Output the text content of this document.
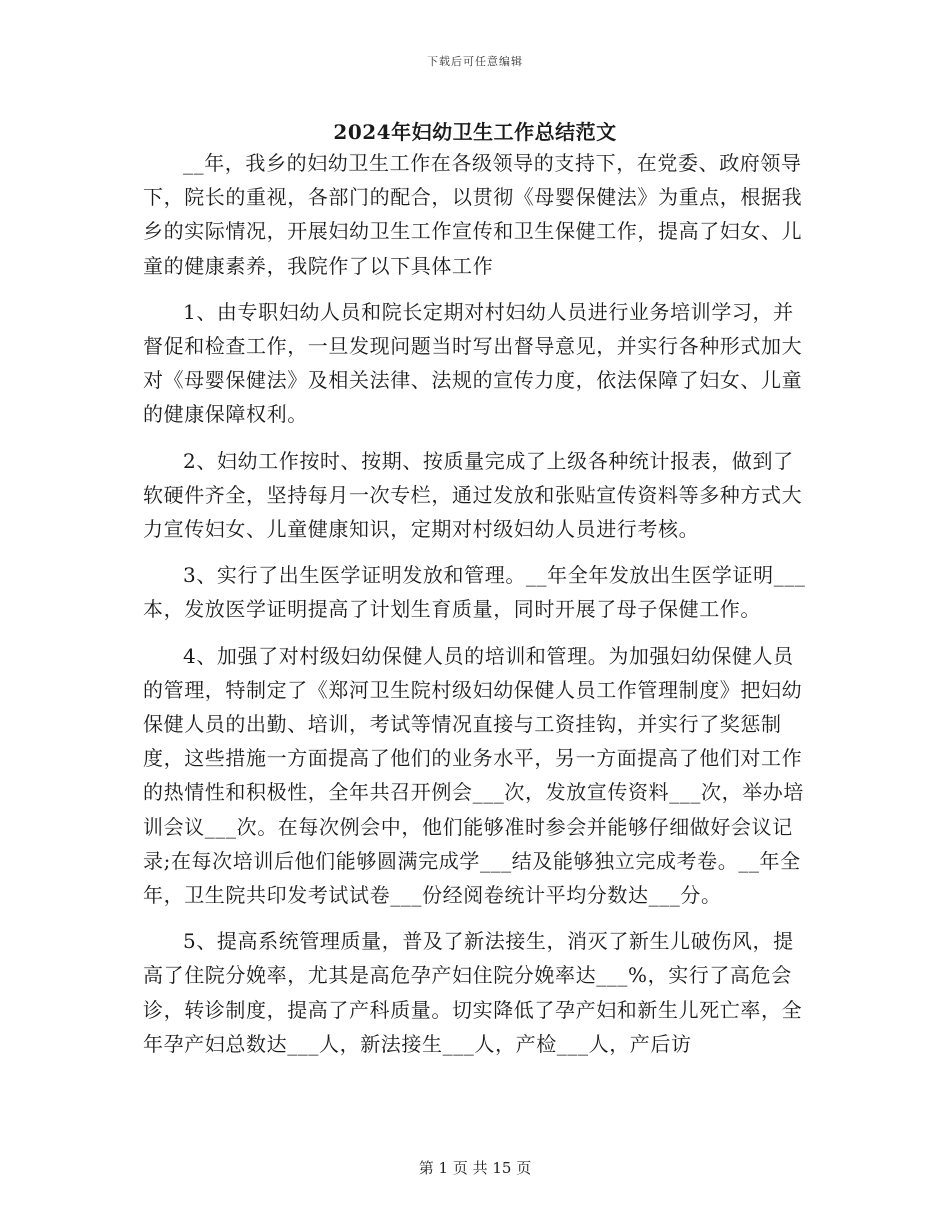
下载后可任意编辑
2024年妇幼卫生工作总结范文

__年，我乡的妇幼卫生工作在各级领导的支持下，在党委、政府领导下，院长的重视，各部门的配合，以贯彻《母婴保健法》为重点，根据我乡的实际情况，开展妇幼卫生工作宣传和卫生保健工作，提高了妇女、儿童的健康素养，我院作了以下具体工作

1、由专职妇幼人员和院长定期对村妇幼人员进行业务培训学习，并督促和检查工作，一旦发现问题当时写出督导意见，并实行各种形式加大对《母婴保健法》及相关法律、法规的宣传力度，依法保障了妇女、儿童的健康保障权利。

2、妇幼工作按时、按期、按质量完成了上级各种统计报表，做到了软硬件齐全，坚持每月一次专栏，通过发放和张贴宣传资料等多种方式大力宣传妇女、儿童健康知识，定期对村级妇幼人员进行考核。

3、实行了出生医学证明发放和管理。__年全年发放出生医学证明___本，发放医学证明提高了计划生育质量，同时开展了母子保健工作。

4、加强了对村级妇幼保健人员的培训和管理。为加强妇幼保健人员的管理，特制定了《郑河卫生院村级妇幼保健人员工作管理制度》把妇幼保健人员的出勤、培训，考试等情况直接与工资挂钩，并实行了奖惩制度，这些措施一方面提高了他们的业务水平，另一方面提高了他们对工作的热情性和积极性，全年共召开例会___次，发放宣传资料___次，举办培训会议___次。在每次例会中，他们能够准时参会并能够仔细做好会议记录;在每次培训后他们能够圆满完成学___结及能够独立完成考卷。__年全年，卫生院共印发考试试卷___份经阅卷统计平均分数达___分。

5、提高系统管理质量，普及了新法接生，消灭了新生儿破伤风，提高了住院分娩率，尤其是高危孕产妇住院分娩率达___%，实行了高危会诊，转诊制度，提高了产科质量。切实降低了孕产妇和新生儿死亡率，全年孕产妇总数达___人，新法接生___人，产检___人，产后访

第 1 页 共 15 页
